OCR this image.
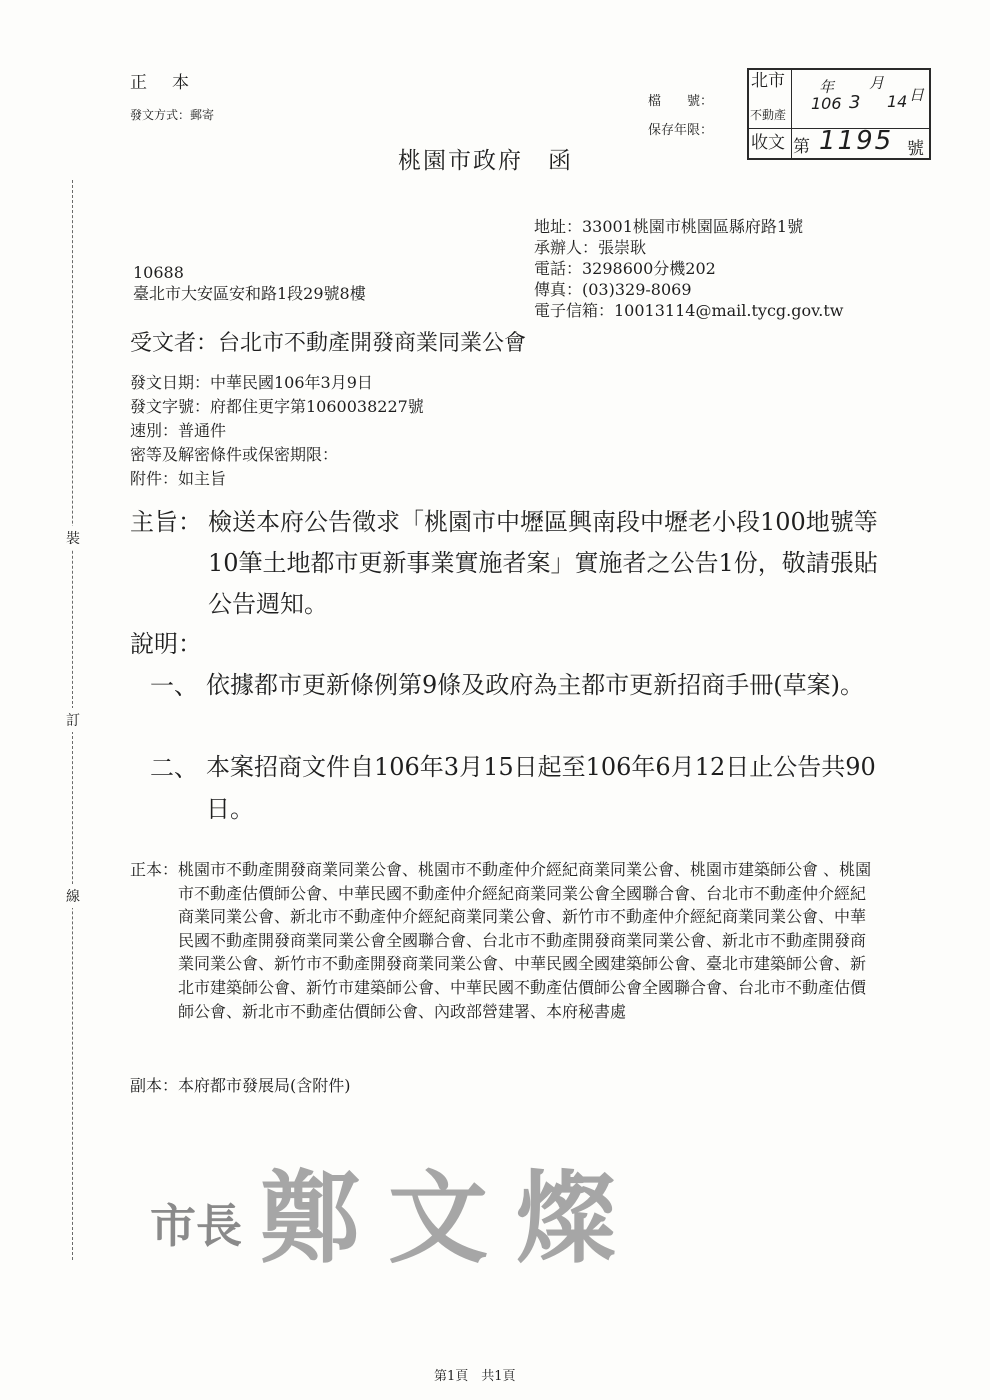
裝
訂
線
正　本
發文方式：郵寄
檔　　號：
保存年限：
桃園市政府　函
北市
不動產
收文
年
106 3
月
14 日
第 1195 號
10688
臺北市大安區安和路1段29號8樓
地址：33001桃園市桃園區縣府路1號
承辦人：張崇耿
電話：3298600分機202
傳真：(03)329-8069
電子信箱：10013114@mail.tycg.gov.tw
受文者：台北市不動產開發商業同業公會
發文日期：中華民國106年3月9日
發文字號：府都住更字第1060038227號
速別：普通件
密等及解密條件或保密期限：
附件：如主旨
主旨： 檢送本府公告徵求「桃園市中壢區興南段中壢老小段100地號等10筆土地都市更新事業實施者案」實施者之公告1份，敬請張貼公告週知。
說明：
一、 依據都市更新條例第9條及政府為主都市更新招商手冊(草案)。
二、 本案招商文件自106年3月15日起至106年6月12日止公告共90日。
正本： 桃園市不動產開發商業同業公會、桃園市不動產仲介經紀商業同業公會、桃園市建築師公會 、桃園市不動產估價師公會、中華民國不動產仲介經紀商業同業公會全國聯合會、台北市不動產仲介經紀商業同業公會、新北市不動產仲介經紀商業同業公會、新竹市不動產仲介經紀商業同業公會、中華民國不動產開發商業同業公會全國聯合會、台北市不動產開發商業同業公會、新北市不動產開發商業同業公會、新竹市不動產開發商業同業公會、中華民國全國建築師公會、臺北市建築師公會、新北市建築師公會、新竹市建築師公會、中華民國不動產估價師公會全國聯合會、台北市不動產估價師公會、新北市不動產估價師公會、內政部營建署、本府秘書處
副本： 本府都市發展局(含附件)
市長 鄭文燦
第1頁　共1頁
